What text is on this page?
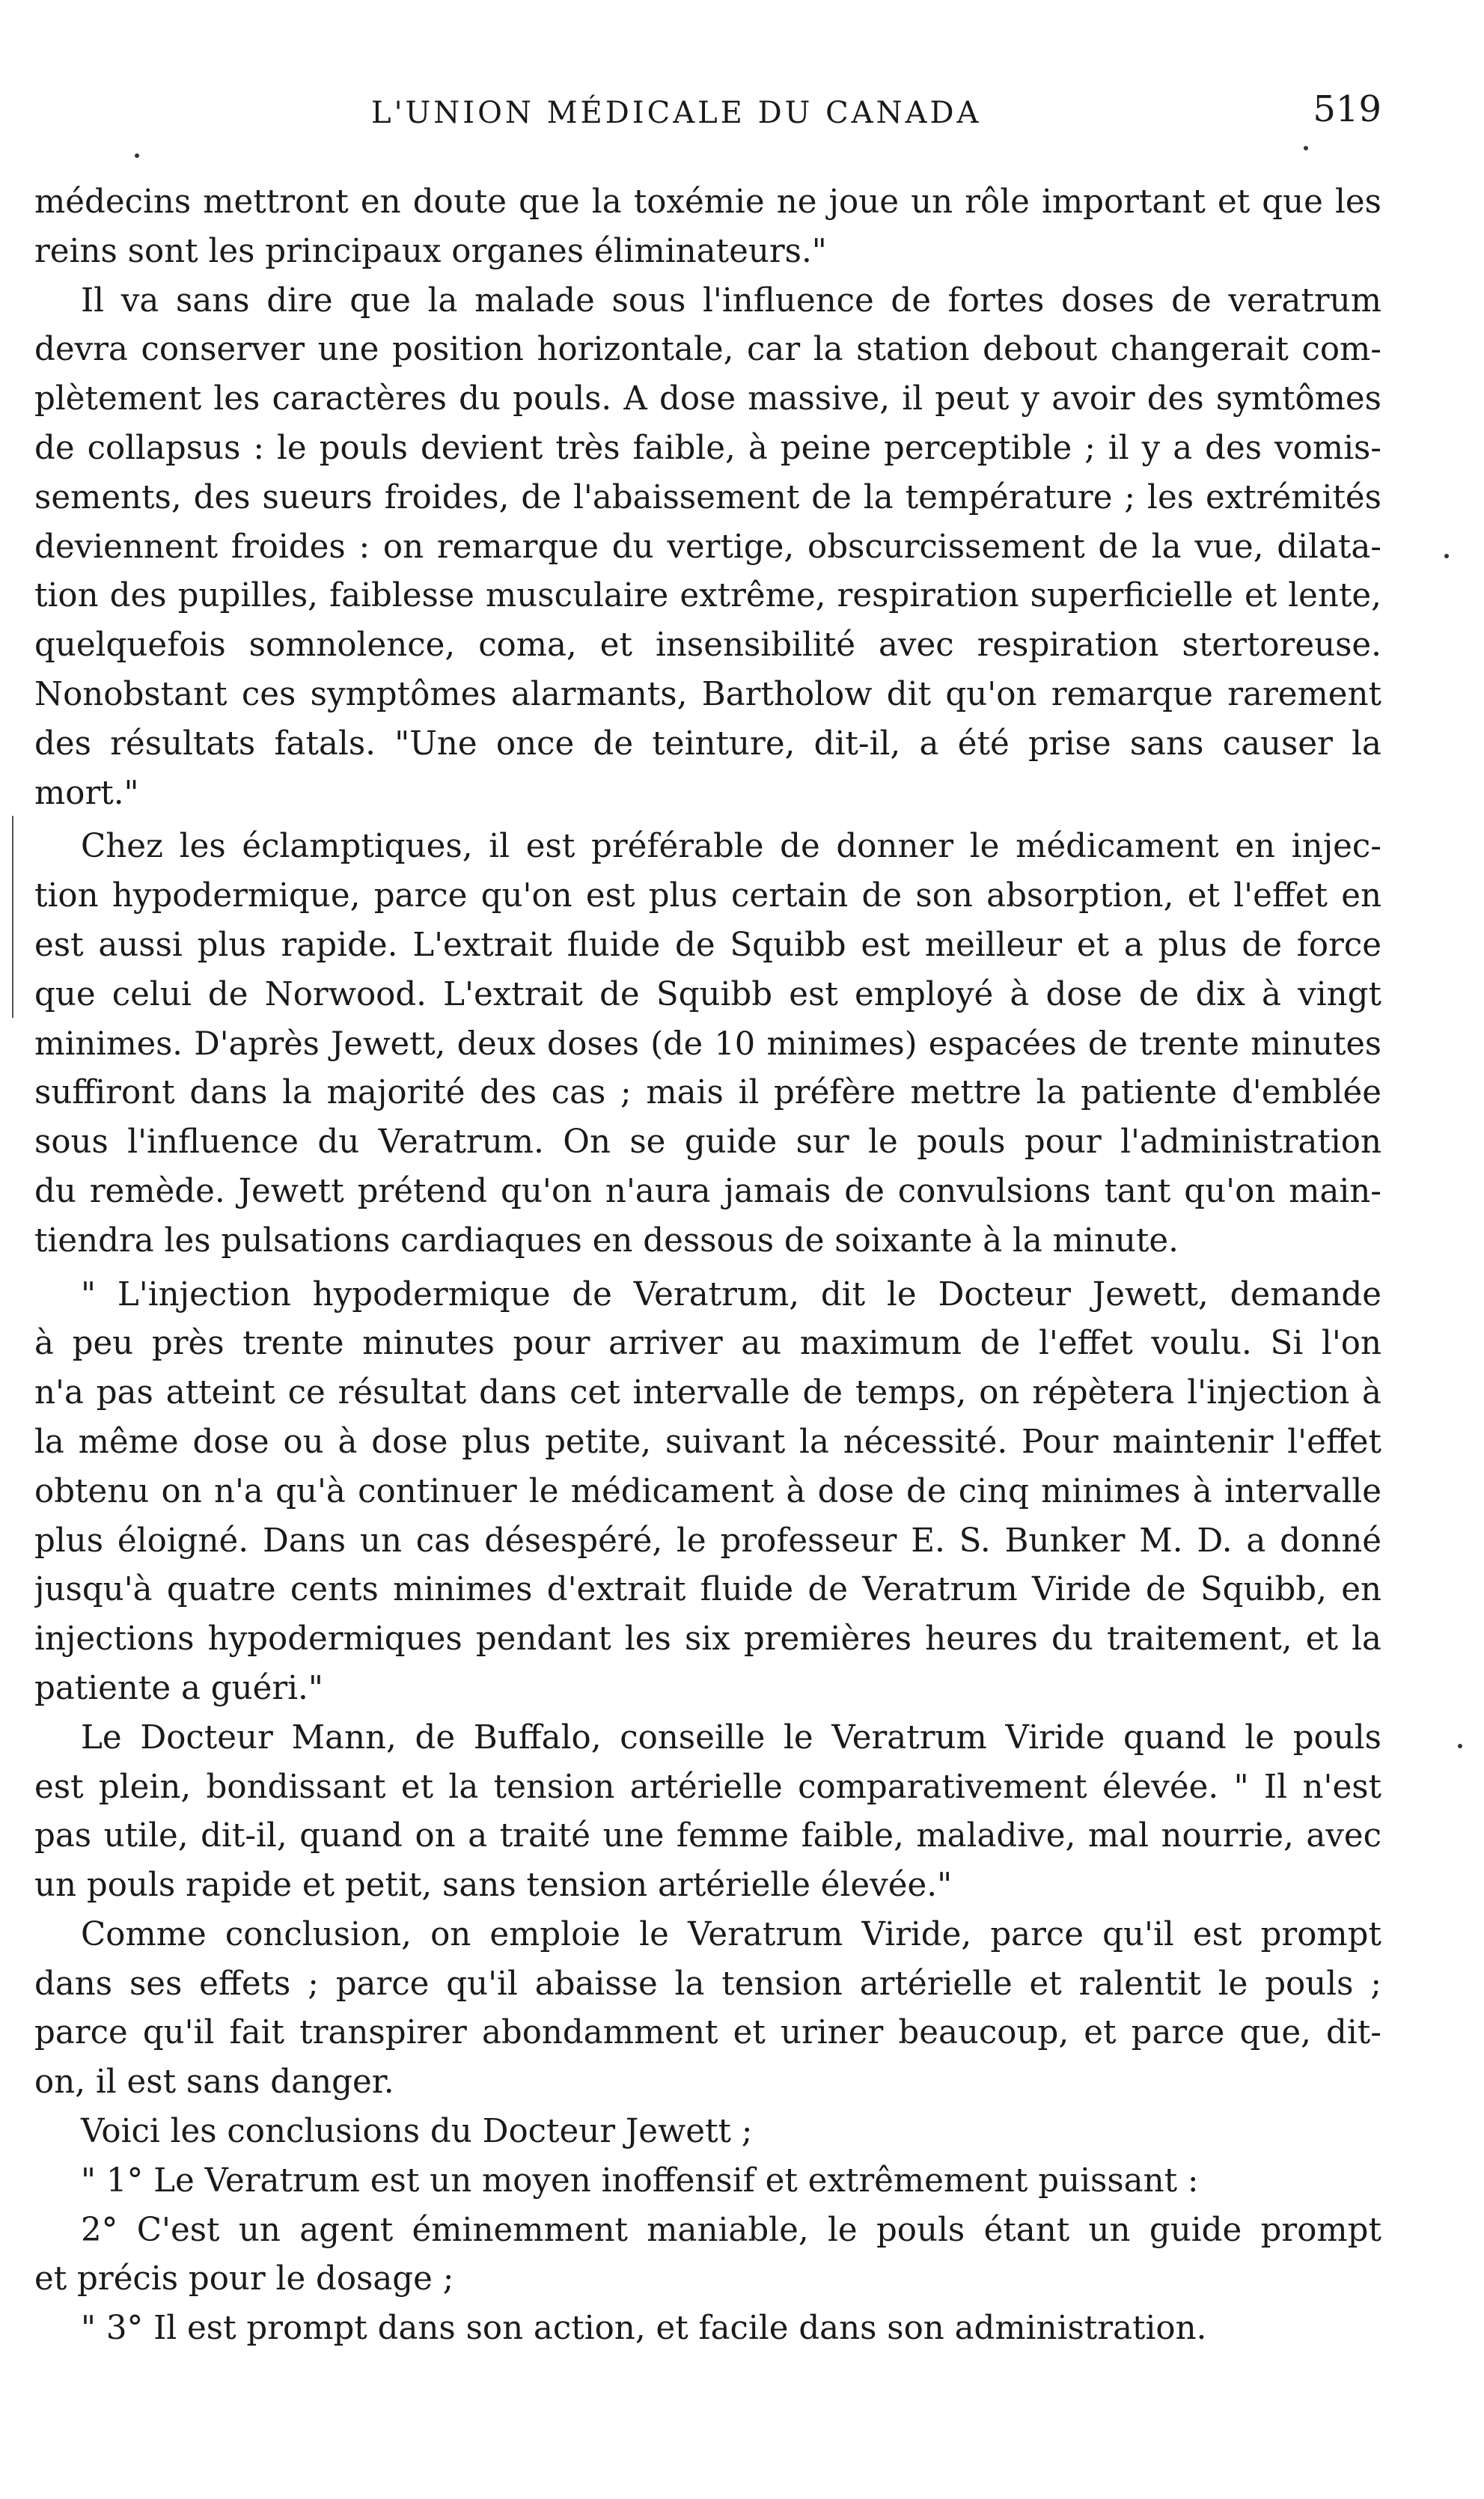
L'UNION MÉDICALE DU CANADA	519
médecins mettront en doute que la toxémie ne joue un rôle important et que les
reins sont les principaux organes éliminateurs."
Il va sans dire que la malade sous l'influence de fortes doses de veratrum
devra conserver une position horizontale, car la station debout changerait com-
plètement les caractères du pouls. A dose massive, il peut y avoir des symtômes
de collapsus : le pouls devient très faible, à peine perceptible ; il y a des vomis-
sements, des sueurs froides, de l'abaissement de la température ; les extrémités
deviennent froides : on remarque du vertige, obscurcissement de la vue, dilata-
tion des pupilles, faiblesse musculaire extrême, respiration superficielle et lente,
quelquefois somnolence, coma, et insensibilité avec respiration stertoreuse.
Nonobstant ces symptômes alarmants, Bartholow dit qu'on remarque rarement
des résultats fatals. "Une once de teinture, dit-il, a été prise sans causer la
mort."
Chez les éclamptiques, il est préférable de donner le médicament en injec-
tion hypodermique, parce qu'on est plus certain de son absorption, et l'effet en
est aussi plus rapide. L'extrait fluide de Squibb est meilleur et a plus de force
que celui de Norwood. L'extrait de Squibb est employé à dose de dix à vingt
minimes. D'après Jewett, deux doses (de 10 minimes) espacées de trente minutes
suffiront dans la majorité des cas ; mais il préfère mettre la patiente d'emblée
sous l'influence du Veratrum. On se guide sur le pouls pour l'administration
du remède. Jewett prétend qu'on n'aura jamais de convulsions tant qu'on main-
tiendra les pulsations cardiaques en dessous de soixante à la minute.
" L'injection hypodermique de Veratrum, dit le Docteur Jewett, demande
à peu près trente minutes pour arriver au maximum de l'effet voulu. Si l'on
n'a pas atteint ce résultat dans cet intervalle de temps, on répètera l'injection à
la même dose ou à dose plus petite, suivant la nécessité. Pour maintenir l'effet
obtenu on n'a qu'à continuer le médicament à dose de cinq minimes à intervalle
plus éloigné. Dans un cas désespéré, le professeur E. S. Bunker M. D. a donné
jusqu'à quatre cents minimes d'extrait fluide de Veratrum Viride de Squibb, en
injections hypodermiques pendant les six premières heures du traitement, et la
patiente a guéri."
Le Docteur Mann, de Buffalo, conseille le Veratrum Viride quand le pouls
est plein, bondissant et la tension artérielle comparativement élevée. " Il n'est
pas utile, dit-il, quand on a traité une femme faible, maladive, mal nourrie, avec
un pouls rapide et petit, sans tension artérielle élevée."
Comme conclusion, on emploie le Veratrum Viride, parce qu'il est prompt
dans ses effets ; parce qu'il abaisse la tension artérielle et ralentit le pouls ;
parce qu'il fait transpirer abondamment et uriner beaucoup, et parce que, dit-
on, il est sans danger.
Voici les conclusions du Docteur Jewett ;
" 1° Le Veratrum est un moyen inoffensif et extrêmement puissant :
2° C'est un agent éminemment maniable, le pouls étant un guide prompt
et précis pour le dosage ;
" 3° Il est prompt dans son action, et facile dans son administration.
